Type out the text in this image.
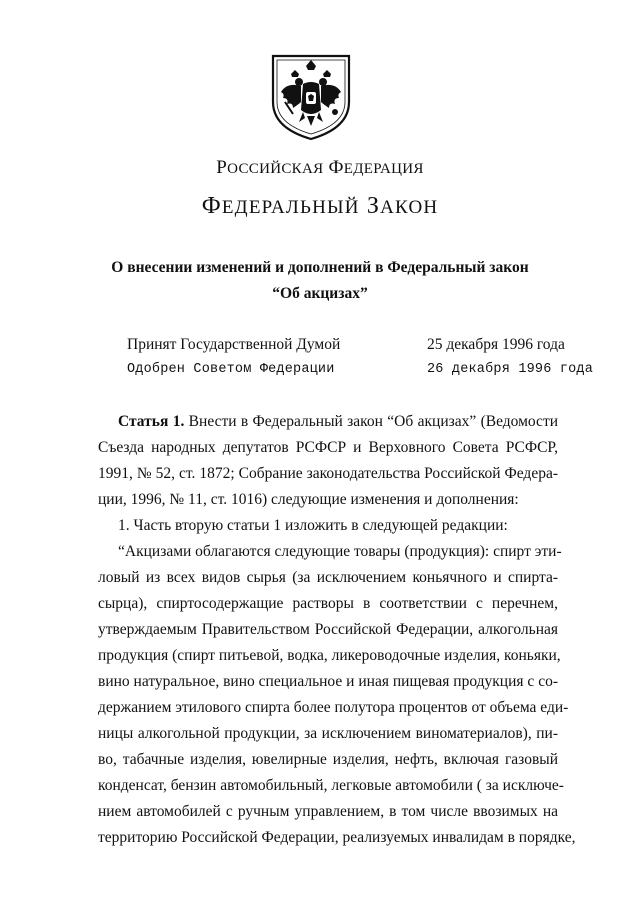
РОССИЙСКАЯ ФЕДЕРАЦИЯ
ФЕДЕРАЛЬНЫЙ ЗАКОН
О внесении изменений и дополнений в Федеральный закон
“Об акцизах”
Принят Государственной Думой	25 декабря 1996 года
Одобрен Советом Федерации	26 декабря 1996 года
Статья 1. Внести в Федеральный закон “Об акцизах” (Ведомости
Съезда народных депутатов РСФСР и Верховного Совета РСФСР,
1991, № 52, ст. 1872; Собрание законодательства Российской Федера-
ции, 1996, № 11, ст. 1016) следующие изменения и дополнения:
1. Часть вторую статьи 1 изложить в следующей редакции:
“Акцизами облагаются следующие товары (продукция): спирт эти-
ловый из всех видов сырья (за исключением коньячного и спирта-
сырца), спиртосодержащие растворы в соответствии с перечнем,
утверждаемым Правительством Российской Федерации, алкогольная
продукция (спирт питьевой, водка, ликероводочные изделия, коньяки,
вино натуральное, вино специальное и иная пищевая продукция с со-
держанием этилового спирта более полутора процентов от объема еди-
ницы алкогольной продукции, за исключением виноматериалов), пи-
во, табачные изделия, ювелирные изделия, нефть, включая газовый
конденсат, бензин автомобильный, легковые автомобили ( за исключе-
нием автомобилей с ручным управлением, в том числе ввозимых на
территорию Российской Федерации, реализуемых инвалидам в порядке,
